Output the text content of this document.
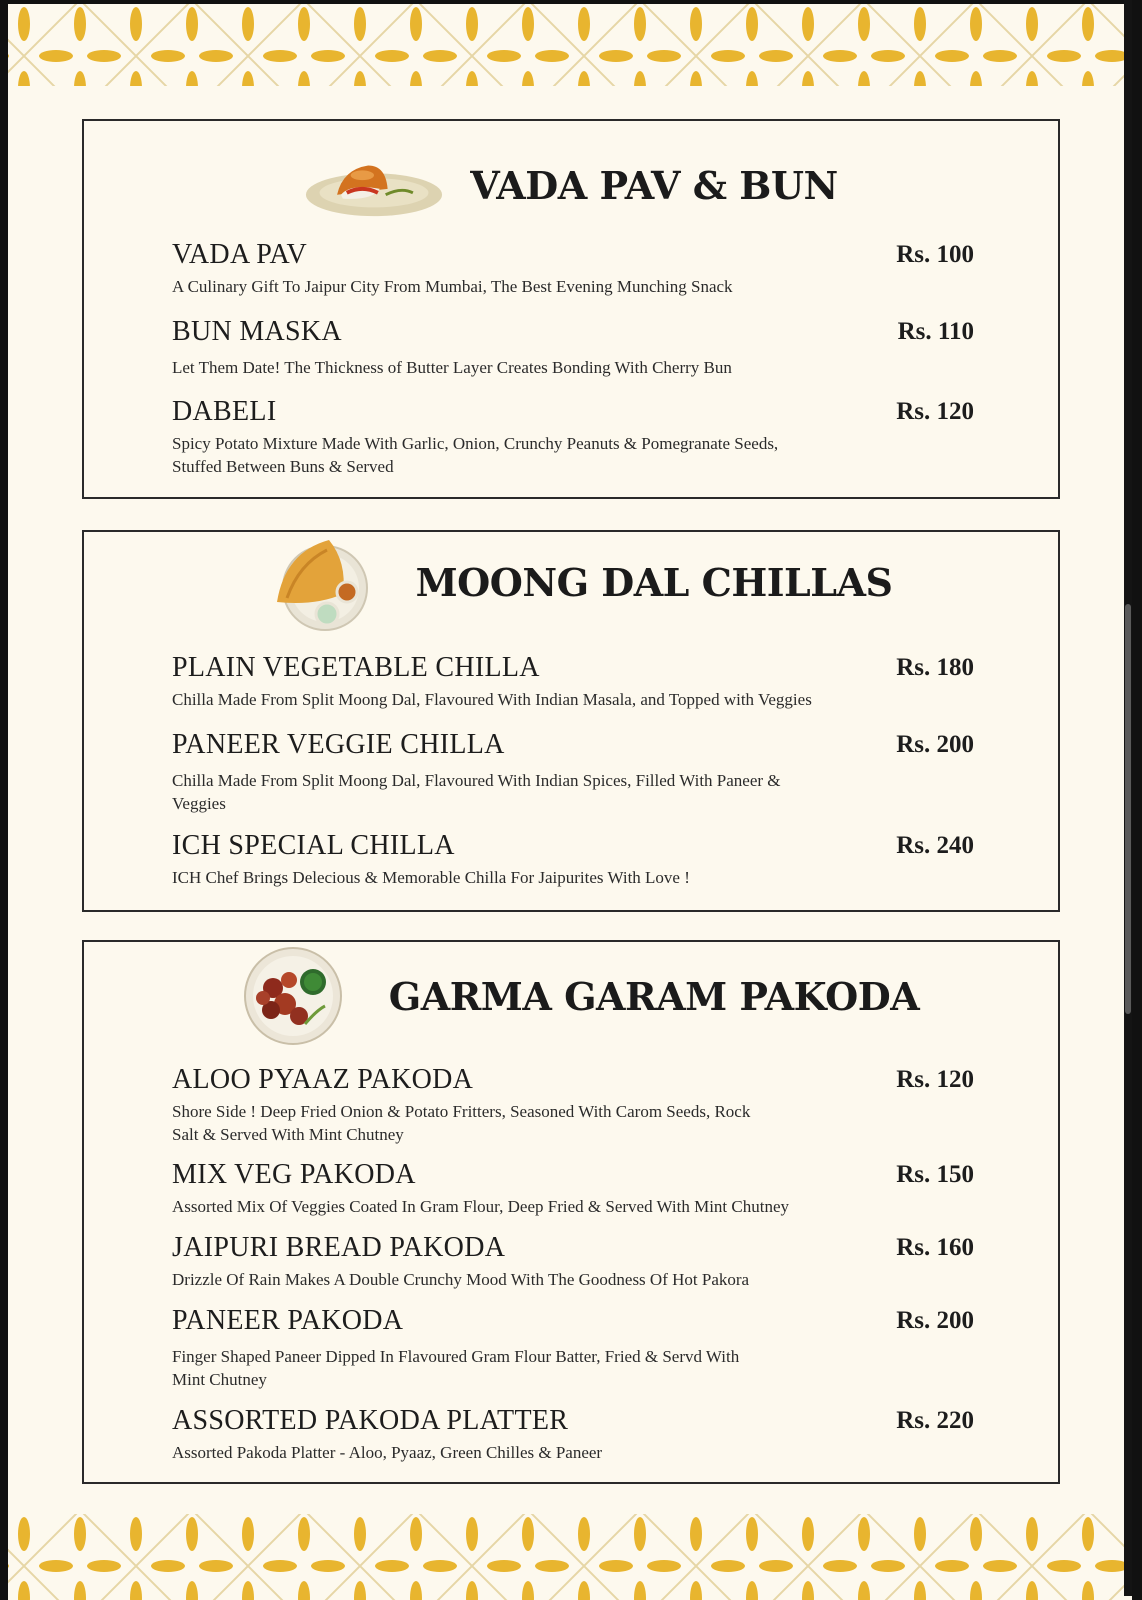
VADA PAV & BUN
VADA PAV	Rs. 100
A Culinary Gift To Jaipur City From Mumbai, The Best Evening Munching Snack
BUN MASKA	Rs. 110
Let Them Date! The Thickness of Butter Layer Creates Bonding With Cherry Bun
DABELI	Rs. 120
Spicy Potato Mixture Made With Garlic, Onion, Crunchy Peanuts & Pomegranate Seeds, Stuffed Between Buns & Served
MOONG DAL CHILLAS
PLAIN VEGETABLE CHILLA	Rs. 180
Chilla Made From Split Moong Dal, Flavoured With Indian Masala, and Topped with Veggies
PANEER VEGGIE CHILLA	Rs. 200
Chilla Made From Split Moong Dal, Flavoured With Indian Spices, Filled With Paneer & Veggies
ICH SPECIAL CHILLA	Rs. 240
ICH Chef Brings Delecious & Memorable Chilla For Jaipurites With Love !
GARMA GARAM PAKODA
ALOO PYAAZ PAKODA	Rs. 120
Shore Side ! Deep Fried Onion & Potato Fritters, Seasoned With Carom Seeds, Rock Salt & Served With Mint Chutney
MIX VEG PAKODA	Rs. 150
Assorted Mix Of Veggies Coated In Gram Flour, Deep Fried & Served With Mint Chutney
JAIPURI BREAD PAKODA	Rs. 160
Drizzle Of Rain Makes A Double Crunchy Mood With The Goodness Of Hot Pakora
PANEER PAKODA	Rs. 200
Finger Shaped Paneer Dipped In Flavoured Gram Flour Batter, Fried & Servd With Mint Chutney
ASSORTED PAKODA PLATTER	Rs. 220
Assorted Pakoda Platter - Aloo, Pyaaz, Green Chilles & Paneer
